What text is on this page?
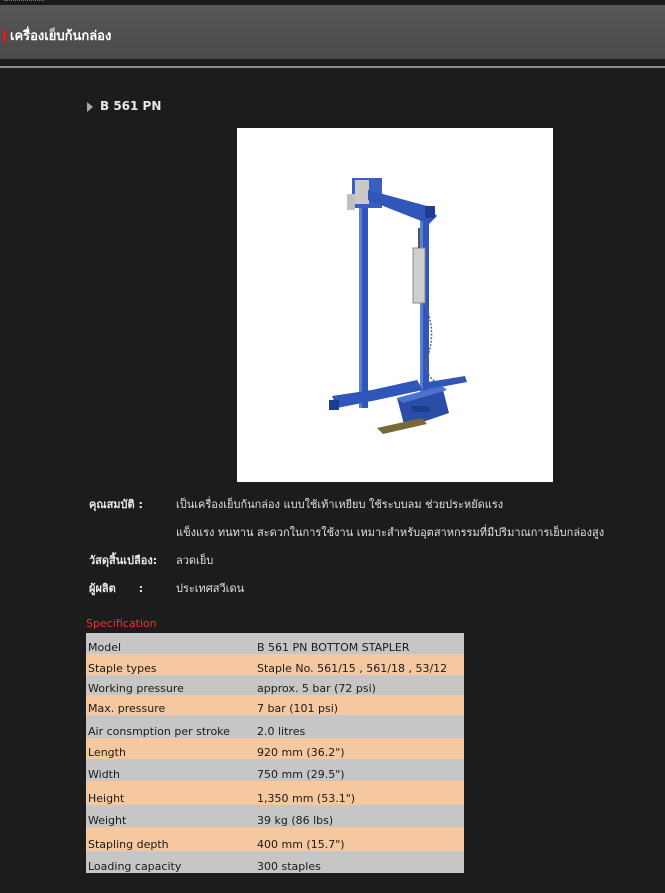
เครื่องเย็บก้นกล่อง
B 561 PN
คุณสมบัติ :	เป็นเครื่องเย็บก้นกล่อง แบบใช้เท้าเหยียบ ใช้ระบบลม ช่วยประหยัดแรง
แข็งแรง ทนทาน สะดวกในการใช้งาน เหมาะสำหรับอุตสาหกรรมที่มีปริมาณการเย็บกล่องสูง
วัสดุสิ้นเปลือง: ลวดเย็บ
ผู้ผลิต      :	ประเทศสวีเดน
Specification
Model	B 561 PN BOTTOM STAPLER
Staple types	Staple No. 561/15 , 561/18 , 53/12
Working pressure	approx. 5 bar (72 psi)
Max. pressure	7 bar (101 psi)
Air consmption per stroke	2.0 litres
Length	920 mm (36.2")
Width	750 mm (29.5")
Height	1,350 mm (53.1")
Weight	39 kg (86 lbs)
Stapling depth	400 mm (15.7")
Loading capacity	300 staples
